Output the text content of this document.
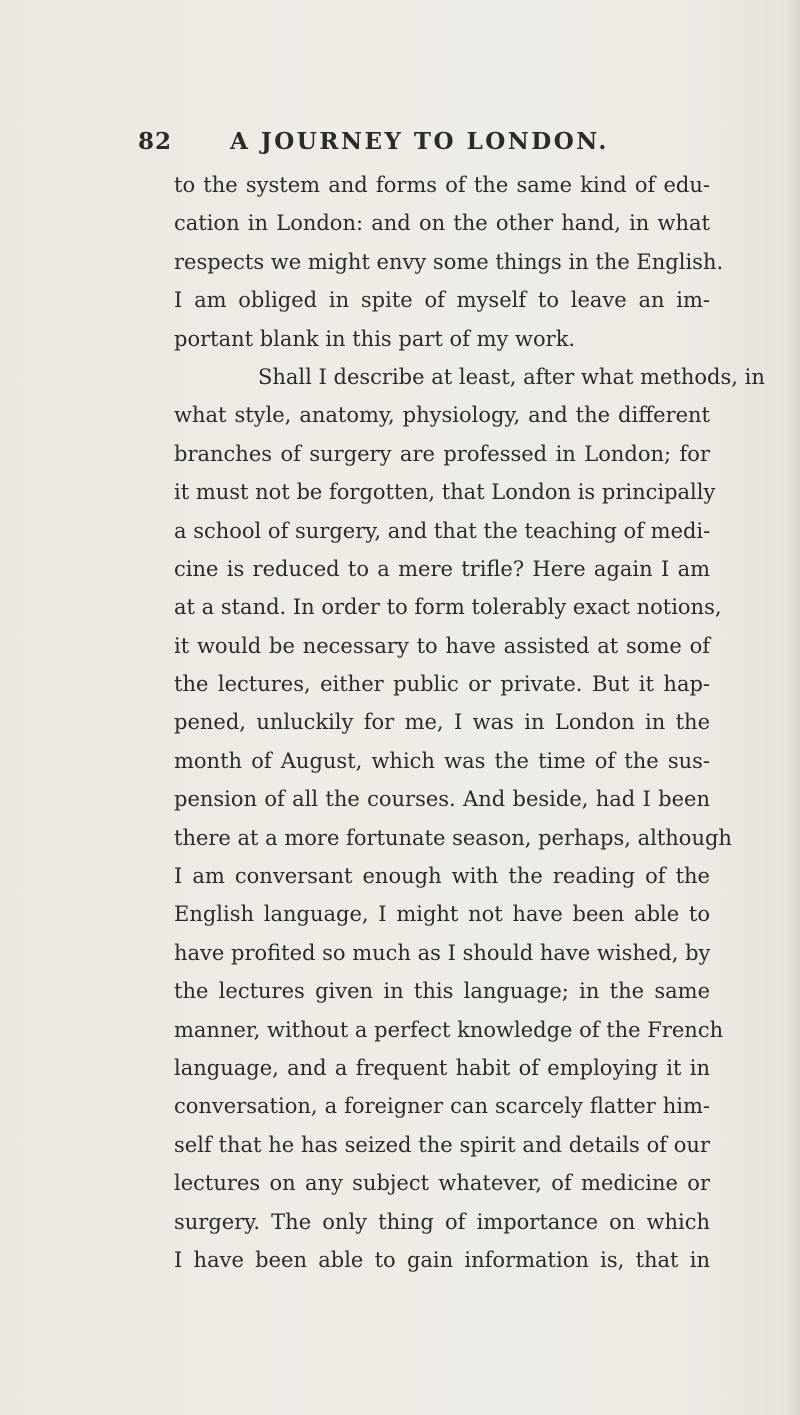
82	A JOURNEY TO LONDON.
to the system and forms of the same kind of edu-
cation in London: and on the other hand, in what
respects we might envy some things in the English.
I am obliged in spite of myself to leave an im-
portant blank in this part of my work.
Shall I describe at least, after what methods, in
what style, anatomy, physiology, and the different
branches of surgery are professed in London; for
it must not be forgotten, that London is principally
a school of surgery, and that the teaching of medi-
cine is reduced to a mere trifle? Here again I am
at a stand. In order to form tolerably exact notions,
it would be necessary to have assisted at some of
the lectures, either public or private. But it hap-
pened, unluckily for me, I was in London in the
month of August, which was the time of the sus-
pension of all the courses. And beside, had I been
there at a more fortunate season, perhaps, although
I am conversant enough with the reading of the
English language, I might not have been able to
have profited so much as I should have wished, by
the lectures given in this language; in the same
manner, without a perfect knowledge of the French
language, and a frequent habit of employing it in
conversation, a foreigner can scarcely flatter him-
self that he has seized the spirit and details of our
lectures on any subject whatever, of medicine or
surgery. The only thing of importance on which
I have been able to gain information is, that in
